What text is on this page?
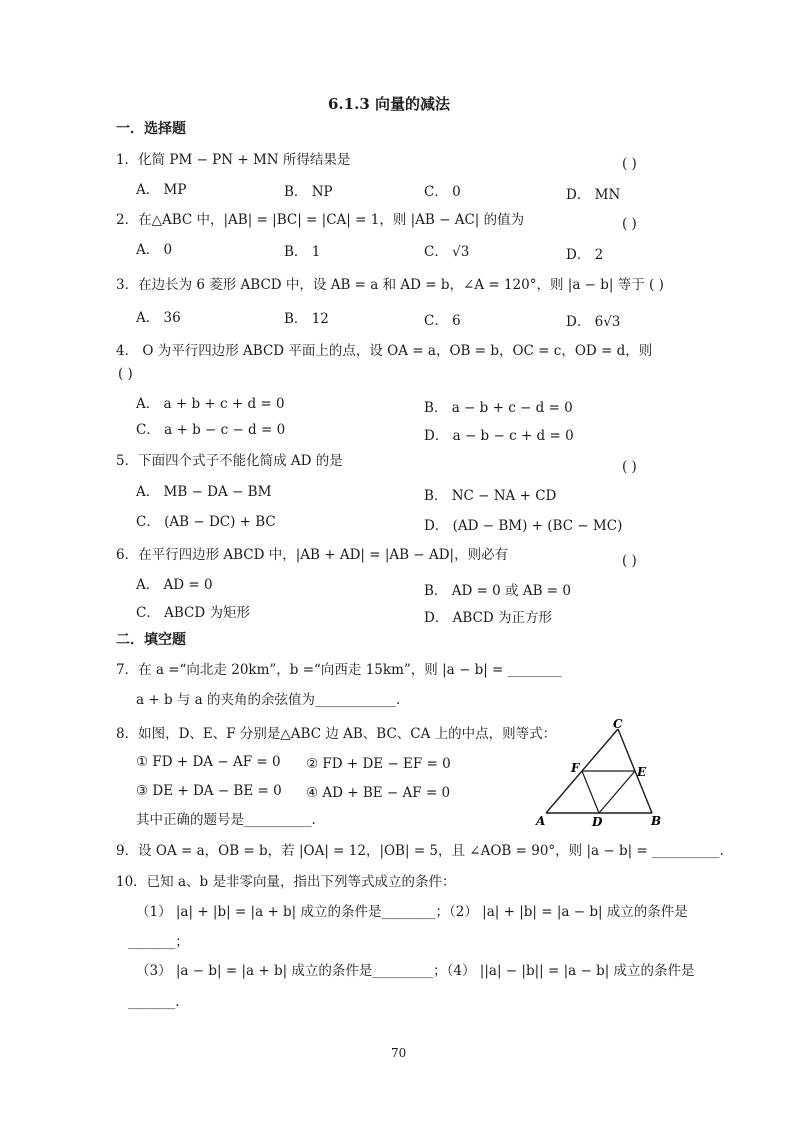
6.1.3 向量的减法
一．选择题
1．化简 PM − PN + MN 所得结果是	( )
A． MP	B． NP	C． 0	D． MN
2．在△ABC 中，|AB| = |BC| = |CA| = 1，则 |AB − AC| 的值为	( )
A． 0	B． 1	C． √3	D． 2
3．在边长为 6 菱形 ABCD 中，设 AB = a 和 AD = b，∠A = 120°，则 |a − b| 等于 ( )
A． 36	B． 12	C． 6	D． 6√3
4． O 为平行四边形 ABCD 平面上的点，设 OA = a，OB = b，OC = c，OD = d，则
( )
A． a + b + c + d = 0	B． a − b + c − d = 0
C． a + b − c − d = 0	D． a − b − c + d = 0
5．下面四个式子不能化简成 AD 的是	( )
A． MB − DA − BM	B． NC − NA + CD
C． (AB − DC) + BC	D． (AD − BM) + (BC − MC)
6．在平行四边形 ABCD 中，|AB + AD| = |AB − AD|，则必有	( )
A． AD = 0	B． AD = 0 或 AB = 0
C． ABCD 为矩形	D． ABCD 为正方形
二．填空题
7．在 a =“向北走 20km”，b =“向西走 15km”，则 |a − b| = ________
a + b 与 a 的夹角的余弦值为____________.
8．如图，D、E、F 分别是△ABC 边 AB、BC、CA 上的中点，则等式：
① FD + DA − AF = 0 ② FD + DE − EF = 0
③ DE + DA − BE = 0 ④ AD + BE − AF = 0
其中正确的题号是__________.	A	B
C
D
E
F
9．设 OA = a，OB = b，若 |OA| = 12，|OB| = 5，且 ∠AOB = 90°，则 |a − b| = __________.
10．已知 a、b 是非零向量，指出下列等式成立的条件：
（1） |a| + |b| = |a + b| 成立的条件是________；（2） |a| + |b| = |a − b| 成立的条件是
_______；
（3） |a − b| = |a + b| 成立的条件是_________；（4） ||a| − |b|| = |a − b| 成立的条件是
_______.
70
